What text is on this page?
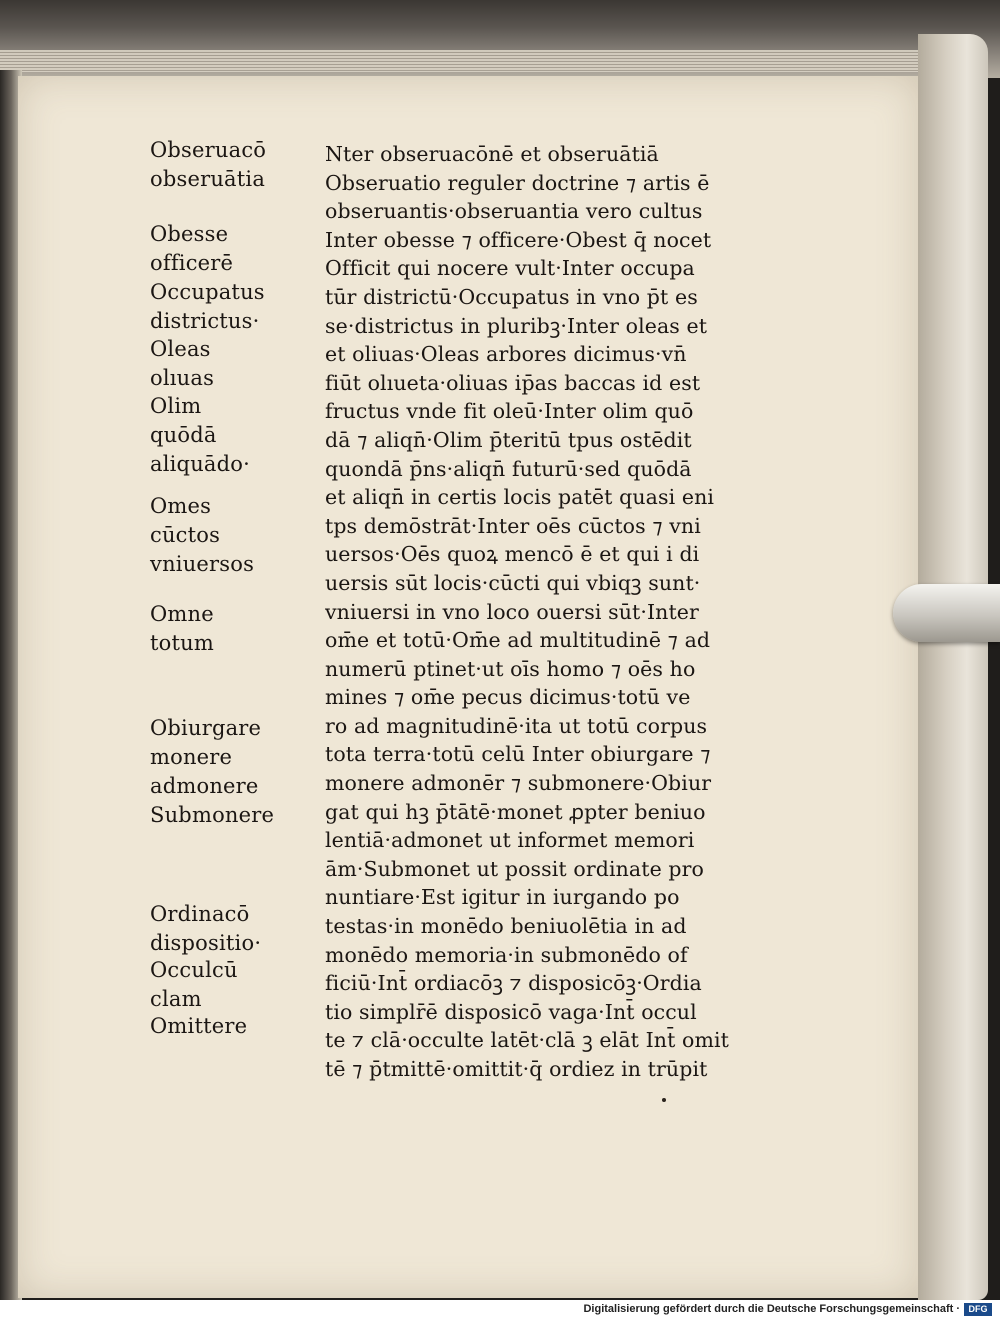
Obseruacō
obseruātia
Obesse
officerē
Occupatus
districtus·
Oleas
olıuas
Olim
quōdā
aliquādo·
Omes
cūctos
vniuersos
Omne
totum
Obiurgare
monere
admonere
Submonere
Ordinacō
dispositio·
Occulcū
clam
Omittere
Nter obseruacōnē et obseruātiā
Obseruatio reguler doctrine ⁊ artis ē
obseruantis·obseruantia vero cultus
Inter obesse ⁊ officere·Obest q̄ nocet
Officit qui nocere vult·Inter occupa
tūr districtū·Occupatus in vno p̄t es
se·districtus in pluribꝫ·Inter oleas et
et oliuas·Oleas arbores dicimus·vn̄
fiūt olıueta·oliuas ip̄as baccas id est
fructus vnde fit oleū·Inter olim quō
dā ⁊ aliqn̄·Olim p̄teritū tpus ostēdit
quondā p̄ns·aliqn̄ futurū·sed quōdā
et aliqn̄ in certis locis patēt quasi eni
tps demōstrāt·Inter oēs cūctos ⁊ vni
uersos·Oēs quoꝝ mencō ē et qui i di
uersis sūt locis·cūcti qui vbiqꝫ sunt·
vniuersi in vno loco ouersi sūt·Inter
om̄e et totū·Om̄e ad multitudinē ⁊ ad
numerū ptinet·ut oīs homo ⁊ oēs ho
mines ⁊ om̄e pecus dicimus·totū ve
ro ad magnitudinē·ita ut totū corpus
tota terra·totū celū Inter obiurgare ⁊
monere admonēr ⁊ submonere·Obiur
gat qui hꝫ p̄tātē·monet ꝓpter beniuo
lentiā·admonet ut informet memori
ām·Submonet ut possit ordinate pro
nuntiare·Est igitur in iurgando po
testas·in monēdo beniuolētia in ad
monēdo memoria·in submonēdo of
ficiū·Int̄ ordiacōꝫ ⁊ disposicōꝫ·Ordia
tio simplr̄ē disposicō vaga·Int̄ occul
te ⁊ clā·occulte latēt·clā ꝫ elāt Int̄ omit
tē ⁊ p̄tmittē·omittit·q̄ ordiez in trūpit
Digitalisierung gefördert durch die Deutsche Forschungsgemeinschaft · DFG
